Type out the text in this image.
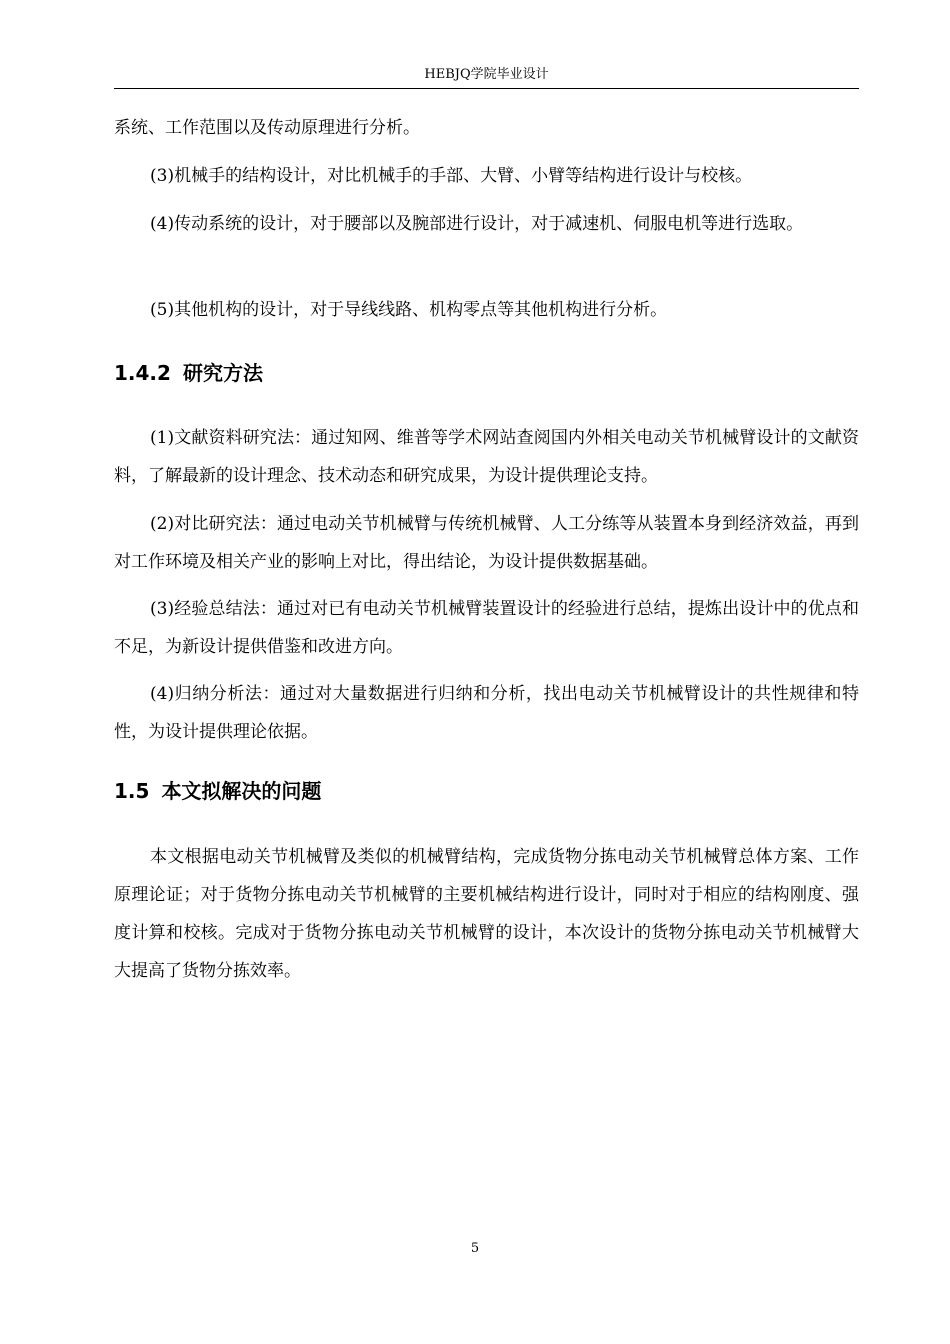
HEBJQ学院毕业设计

系统、工作范围以及传动原理进行分析。

(3)机械手的结构设计，对比机械手的手部、大臂、小臂等结构进行设计与校核。

(4)传动系统的设计，对于腰部以及腕部进行设计，对于减速机、伺服电机等进行选取。

(5)其他机构的设计，对于导线线路、机构零点等其他机构进行分析。

1.4.2 研究方法

(1)文献资料研究法：通过知网、维普等学术网站查阅国内外相关电动关节机械臂设计的文献资料，了解最新的设计理念、技术动态和研究成果，为设计提供理论支持。

(2)对比研究法：通过电动关节机械臂与传统机械臂、人工分练等从装置本身到经济效益，再到对工作环境及相关产业的影响上对比，得出结论，为设计提供数据基础。

(3)经验总结法：通过对已有电动关节机械臂装置设计的经验进行总结，提炼出设计中的优点和不足，为新设计提供借鉴和改进方向。

(4)归纳分析法：通过对大量数据进行归纳和分析，找出电动关节机械臂设计的共性规律和特性，为设计提供理论依据。

1.5 本文拟解决的问题

本文根据电动关节机械臂及类似的机械臂结构，完成货物分拣电动关节机械臂总体方案、工作原理论证；对于货物分拣电动关节机械臂的主要机械结构进行设计，同时对于相应的结构刚度、强度计算和校核。完成对于货物分拣电动关节机械臂的设计，本次设计的货物分拣电动关节机械臂大大提高了货物分拣效率。

5
